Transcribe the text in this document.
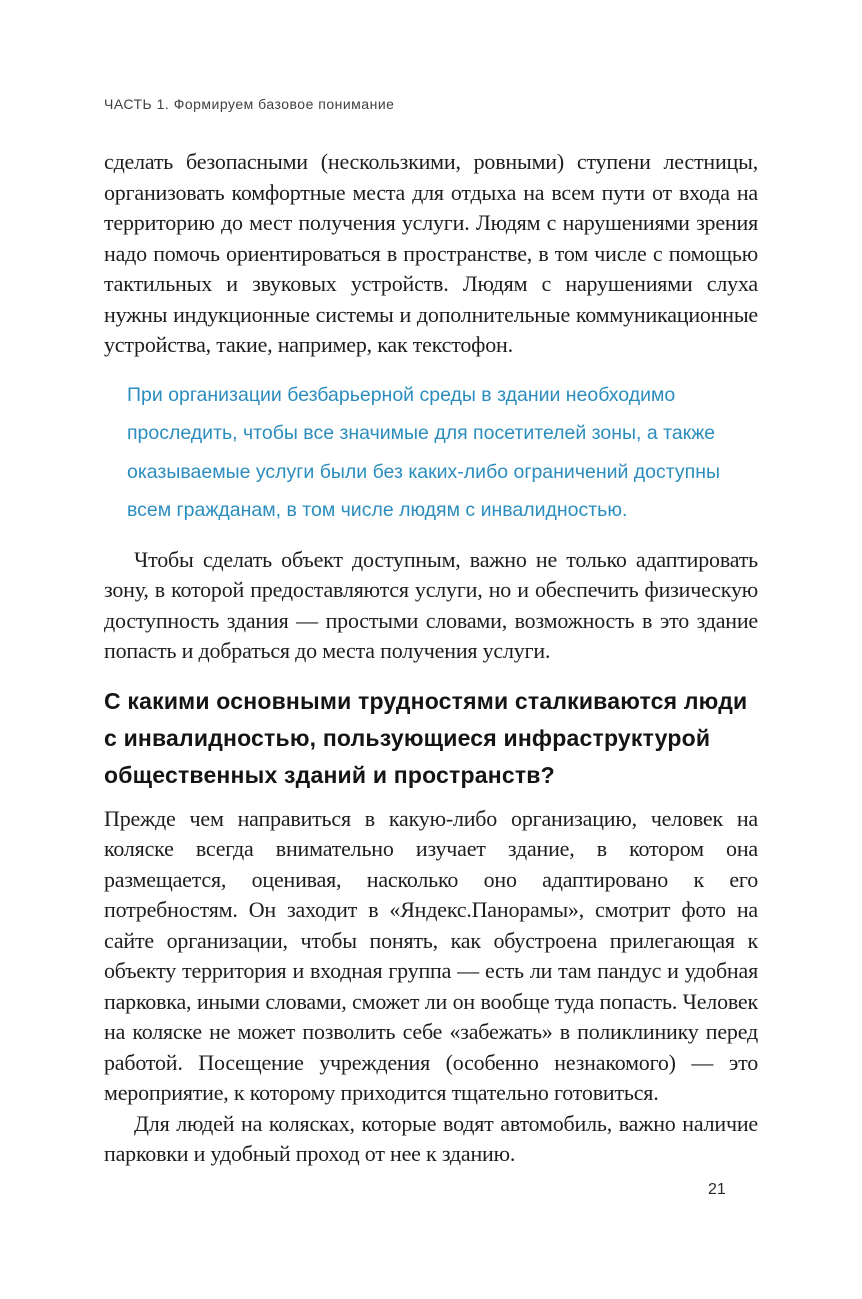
ЧАСТЬ 1. Формируем базовое понимание

сделать безопасными (нескользкими, ровными) ступени лестницы, организовать комфортные места для отдыха на всем пути от входа на территорию до мест получения услуги. Людям с нарушениями зрения надо помочь ориентироваться в пространстве, в том числе с помощью тактильных и звуковых устройств. Людям с нарушениями слуха нужны индукционные системы и дополнительные коммуникационные устройства, такие, например, как текстофон.

При организации безбарьерной среды в здании необходимо проследить, чтобы все значимые для посетителей зоны, а также оказываемые услуги были без каких-либо ограничений доступны всем гражданам, в том числе людям с инвалидностью.

Чтобы сделать объект доступным, важно не только адаптировать зону, в которой предоставляются услуги, но и обеспечить физическую доступность здания — простыми словами, возможность в это здание попасть и добраться до места получения услуги.

С какими основными трудностями сталкиваются люди с инвалидностью, пользующиеся инфраструктурой общественных зданий и пространств?

Прежде чем направиться в какую-либо организацию, человек на коляске всегда внимательно изучает здание, в котором она размещается, оценивая, насколько оно адаптировано к его потребностям. Он заходит в «Яндекс.Панорамы», смотрит фото на сайте организации, чтобы понять, как обустроена прилегающая к объекту территория и входная группа — есть ли там пандус и удобная парковка, иными словами, сможет ли он вообще туда попасть. Человек на коляске не может позволить себе «забежать» в поликлинику перед работой. Посещение учреждения (особенно незнакомого) — это мероприятие, к которому приходится тщательно готовиться.

Для людей на колясках, которые водят автомобиль, важно наличие парковки и удобный проход от нее к зданию.

21
